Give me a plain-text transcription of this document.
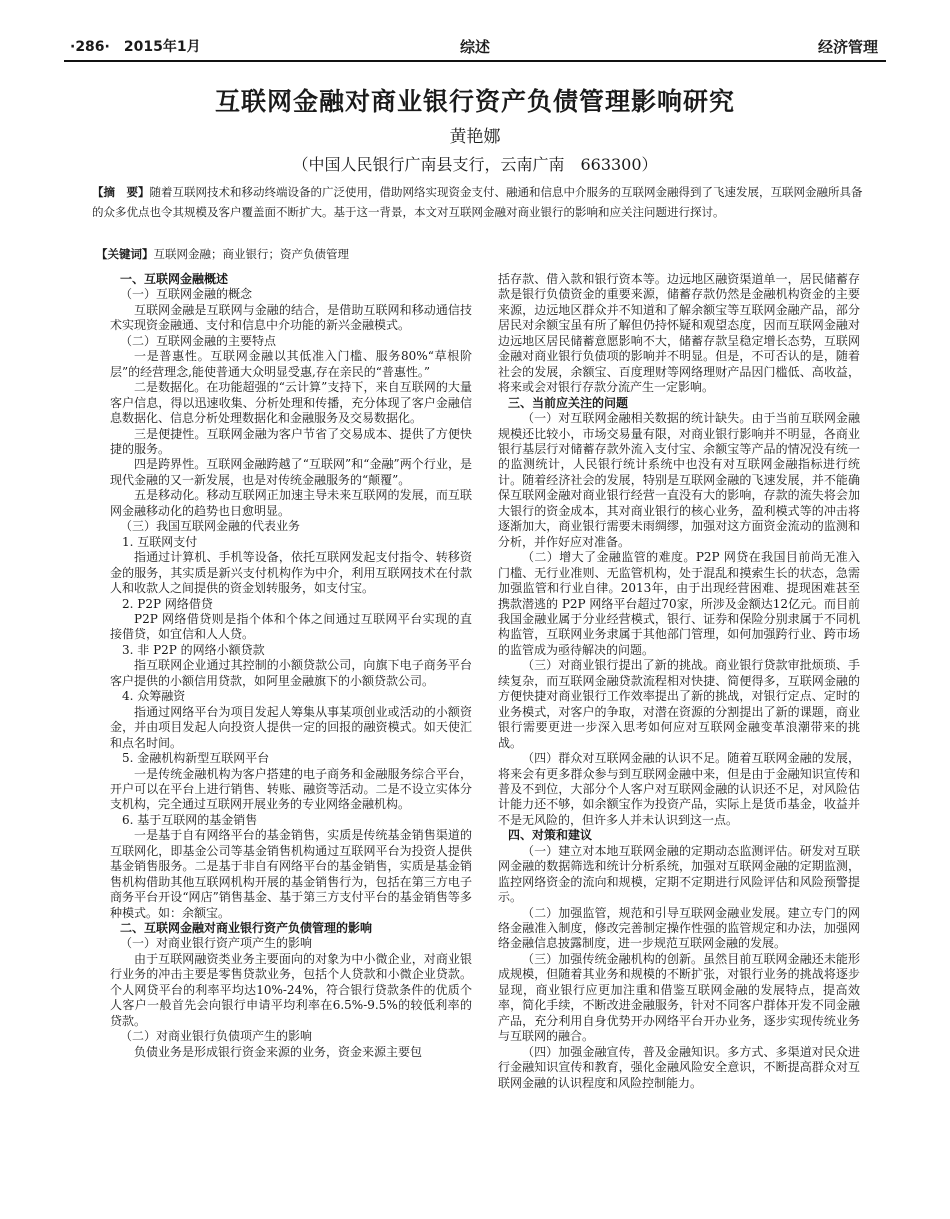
·286·　2015年1月	综述	经济管理
互联网金融对商业银行资产负债管理影响研究
黄艳娜
（中国人民银行广南县支行，云南广南　663300）
【摘　要】随着互联网技术和移动终端设备的广泛使用，借助网络实现资金支付、融通和信息中介服务的互联网金融得到了飞速发展，互联网金融所具备的众多优点也令其规模及客户覆盖面不断扩大。基于这一背景，本文对互联网金融对商业银行的影响和应关注问题进行探讨。
【关键词】互联网金融；商业银行；资产负债管理

一、互联网金融概述

（一）互联网金融的概念

互联网金融是互联网与金融的结合，是借助互联网和移动通信技术实现资金融通、支付和信息中介功能的新兴金融模式。

（二）互联网金融的主要特点

一是普惠性。互联网金融以其低准入门槛、服务80%“草根阶层”的经营理念,能使普通大众明显受惠,存在亲民的“普惠性。”

二是数据化。在功能超强的“云计算”支持下，来自互联网的大量客户信息，得以迅速收集、分析处理和传播，充分体现了客户金融信息数据化、信息分析处理数据化和金融服务及交易数据化。

三是便捷性。互联网金融为客户节省了交易成本、提供了方便快捷的服务。

四是跨界性。互联网金融跨越了“互联网”和“金融”两个行业，是现代金融的又一新发展，也是对传统金融服务的“颠覆”。

五是移动化。移动互联网正加速主导未来互联网的发展，而互联网金融移动化的趋势也日愈明显。

（三）我国互联网金融的代表业务

1. 互联网支付

指通过计算机、手机等设备，依托互联网发起支付指令、转移资金的服务，其实质是新兴支付机构作为中介，利用互联网技术在付款人和收款人之间提供的资金划转服务，如支付宝。

2. P2P 网络借贷

P2P 网络借贷则是指个体和个体之间通过互联网平台实现的直接借贷，如宜信和人人贷。

3. 非 P2P 的网络小额贷款

指互联网企业通过其控制的小额贷款公司，向旗下电子商务平台客户提供的小额信用贷款，如阿里金融旗下的小额贷款公司。

4. 众筹融资

指通过网络平台为项目发起人筹集从事某项创业或活动的小额资金，并由项目发起人向投资人提供一定的回报的融资模式。如天使汇和点名时间。

5. 金融机构新型互联网平台

一是传统金融机构为客户搭建的电子商务和金融服务综合平台，开户可以在平台上进行销售、转账、融资等活动。二是不设立实体分支机构，完全通过互联网开展业务的专业网络金融机构。

6. 基于互联网的基金销售

一是基于自有网络平台的基金销售，实质是传统基金销售渠道的互联网化，即基金公司等基金销售机构通过互联网平台为投资人提供基金销售服务。二是基于非自有网络平台的基金销售，实质是基金销售机构借助其他互联网机构开展的基金销售行为，包括在第三方电子商务平台开设“网店”销售基金、基于第三方支付平台的基金销售等多种模式。如：余额宝。

二、互联网金融对商业银行资产负债管理的影响

（一）对商业银行资产项产生的影响

由于互联网融资类业务主要面向的对象为中小微企业，对商业银行业务的冲击主要是零售贷款业务，包括个人贷款和小微企业贷款。个人网贷平台的利率平均达10%-24%，符合银行贷款条件的优质个人客户一般首先会向银行申请平均利率在6.5%-9.5%的较低利率的贷款。

（二）对商业银行负债项产生的影响

负债业务是形成银行资金来源的业务，资金来源主要包

括存款、借入款和银行资本等。边远地区融资渠道单一，居民储蓄存款是银行负债资金的重要来源，储蓄存款仍然是金融机构资金的主要来源，边远地区群众并不知道和了解余额宝等互联网金融产品，部分居民对余额宝虽有所了解但仍持怀疑和观望态度，因而互联网金融对边远地区居民储蓄意愿影响不大，储蓄存款呈稳定增长态势，互联网金融对商业银行负债项的影响并不明显。但是，不可否认的是，随着社会的发展，余额宝、百度理财等网络理财产品因门槛低、高收益，将来或会对银行存款分流产生一定影响。

三、当前应关注的问题

（一）对互联网金融相关数据的统计缺失。由于当前互联网金融规模还比较小，市场交易量有限，对商业银行影响并不明显，各商业银行基层行对储蓄存款外流入支付宝、余额宝等产品的情况没有统一的监测统计，人民银行统计系统中也没有对互联网金融指标进行统计。随着经济社会的发展，特别是互联网金融的飞速发展，并不能确保互联网金融对商业银行经营一直没有大的影响，存款的流失将会加大银行的资金成本，其对商业银行的核心业务，盈利模式等的冲击将逐渐加大，商业银行需要未雨绸缪，加强对这方面资金流动的监测和分析，并作好应对准备。

（二）增大了金融监管的难度。P2P 网贷在我国目前尚无准入门槛、无行业准则、无监管机构，处于混乱和摸索生长的状态，急需加强监管和行业自律。2013年，由于出现经营困难、提现困难甚至携款潜逃的 P2P 网络平台超过70家，所涉及金额达12亿元。而目前我国金融业属于分业经营模式，银行、证券和保险分别隶属于不同机构监管，互联网业务隶属于其他部门管理，如何加强跨行业、跨市场的监管成为亟待解决的问题。

（三）对商业银行提出了新的挑战。商业银行贷款审批烦琐、手续复杂，而互联网金融贷款流程相对快捷、简便得多，互联网金融的方便快捷对商业银行工作效率提出了新的挑战，对银行定点、定时的业务模式，对客户的争取，对潜在资源的分割提出了新的课题，商业银行需要更进一步深入思考如何应对互联网金融变革浪潮带来的挑战。

（四）群众对互联网金融的认识不足。随着互联网金融的发展，将来会有更多群众参与到互联网金融中来，但是由于金融知识宣传和普及不到位，大部分个人客户对互联网金融的认识还不足，对风险估计能力还不够，如余额宝作为投资产品，实际上是货币基金，收益并不是无风险的，但许多人并未认识到这一点。

四、对策和建议

（一）建立对本地互联网金融的定期动态监测评估。研发对互联网金融的数据筛选和统计分析系统，加强对互联网金融的定期监测，监控网络资金的流向和规模，定期不定期进行风险评估和风险预警提示。

（二）加强监管，规范和引导互联网金融业发展。建立专门的网络金融准入制度，修改完善制定操作性强的监管规定和办法，加强网络金融信息披露制度，进一步规范互联网金融的发展。

（三）加强传统金融机构的创新。虽然目前互联网金融还未能形成规模，但随着其业务和规模的不断扩张，对银行业务的挑战将逐步显现，商业银行应更加注重和借鉴互联网金融的发展特点，提高效率，简化手续，不断改进金融服务，针对不同客户群体开发不同金融产品，充分利用自身优势开办网络平台开办业务，逐步实现传统业务与互联网的融合。

（四）加强金融宣传，普及金融知识。多方式、多渠道对民众进行金融知识宣传和教育，强化金融风险安全意识，不断提高群众对互联网金融的认识程度和风险控制能力。
